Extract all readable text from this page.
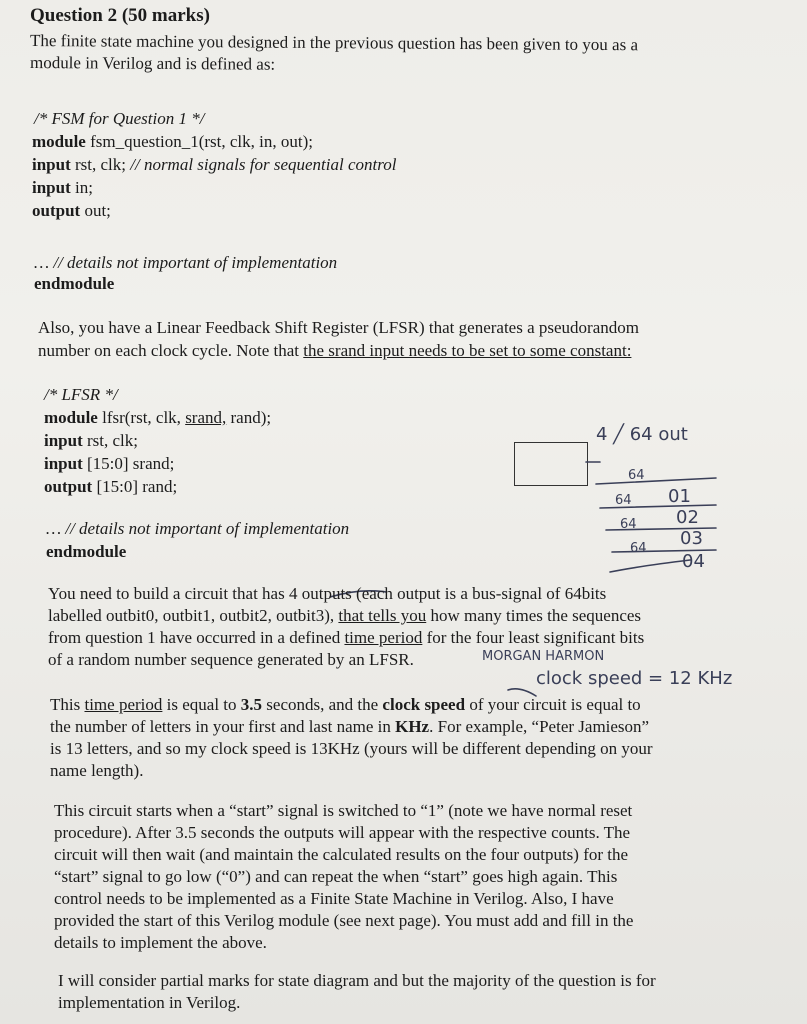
Question 2 (50 marks)
The finite state machine you designed in the previous question has been given to you as a
module in Verilog and is defined as:
/* FSM for Question 1 */
module fsm_question_1(rst, clk, in, out);
input rst, clk; // normal signals for sequential control
input in;
output out;
… // details not important of implementation
endmodule
Also, you have a Linear Feedback Shift Register (LFSR) that generates a pseudorandom
number on each clock cycle. Note that the srand input needs to be set to some constant:
/* LFSR */
module lfsr(rst, clk, srand, rand);
input rst, clk;
input [15:0] srand;
output [15:0] rand;
… // details not important of implementation
endmodule
4 ╱ 64 out
64
64 01
64 02
64 03
04
You need to build a circuit that has 4 outputs (each output is a bus-signal of 64bits
labelled outbit0, outbit1, outbit2, outbit3), that tells you how many times the sequences
from question 1 have occurred in a defined time period for the four least significant bits
of a random number sequence generated by an LFSR.	MORGAN HARMON
clock speed = 12 KHz
This time period is equal to 3.5 seconds, and the clock speed of your circuit is equal to
the number of letters in your first and last name in KHz. For example, “Peter Jamieson”
is 13 letters, and so my clock speed is 13KHz (yours will be different depending on your
name length).
This circuit starts when a “start” signal is switched to “1” (note we have normal reset
procedure). After 3.5 seconds the outputs will appear with the respective counts. The
circuit will then wait (and maintain the calculated results on the four outputs) for the
“start” signal to go low (“0”) and can repeat the when “start” goes high again. This
control needs to be implemented as a Finite State Machine in Verilog. Also, I have
provided the start of this Verilog module (see next page). You must add and fill in the
details to implement the above.
I will consider partial marks for state diagram and but the majority of the question is for
implementation in Verilog.
